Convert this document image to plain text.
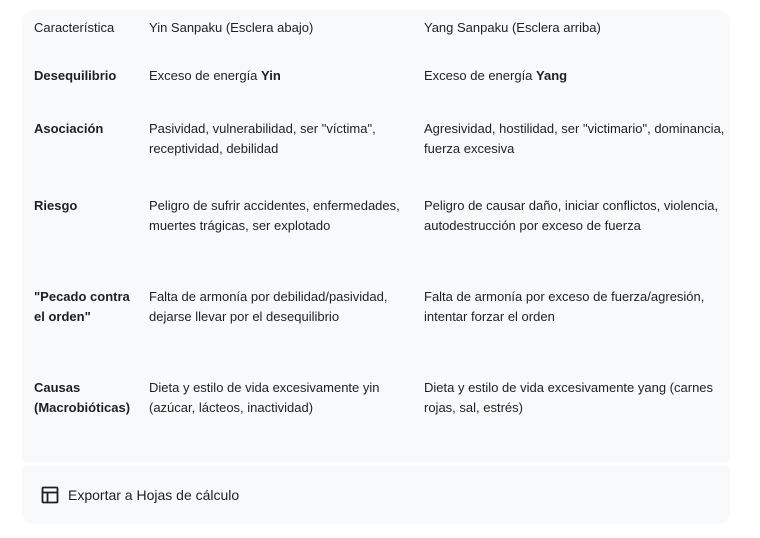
Característica	Yin Sanpaku (Esclera abajo)	Yang Sanpaku (Esclera arriba)
Desequilibrio	Exceso de energía Yin	Exceso de energía Yang
Asociación	Pasividad, vulnerabilidad, ser "víctima", receptividad, debilidad	Agresividad, hostilidad, ser "victimario", dominancia, fuerza excesiva
Riesgo	Peligro de sufrir accidentes, enfermedades, muertes trágicas, ser explotado	Peligro de causar daño, iniciar conflictos, violencia, autodestrucción por exceso de fuerza
"Pecado contra el orden"	Falta de armonía por debilidad/pasividad, dejarse llevar por el desequilibrio	Falta de armonía por exceso de fuerza/agresión, intentar forzar el orden
Causas (Macrobióticas)	Dieta y estilo de vida excesivamente yin (azúcar, lácteos, inactividad)	Dieta y estilo de vida excesivamente yang (carnes rojas, sal, estrés)
Exportar a Hojas de cálculo
